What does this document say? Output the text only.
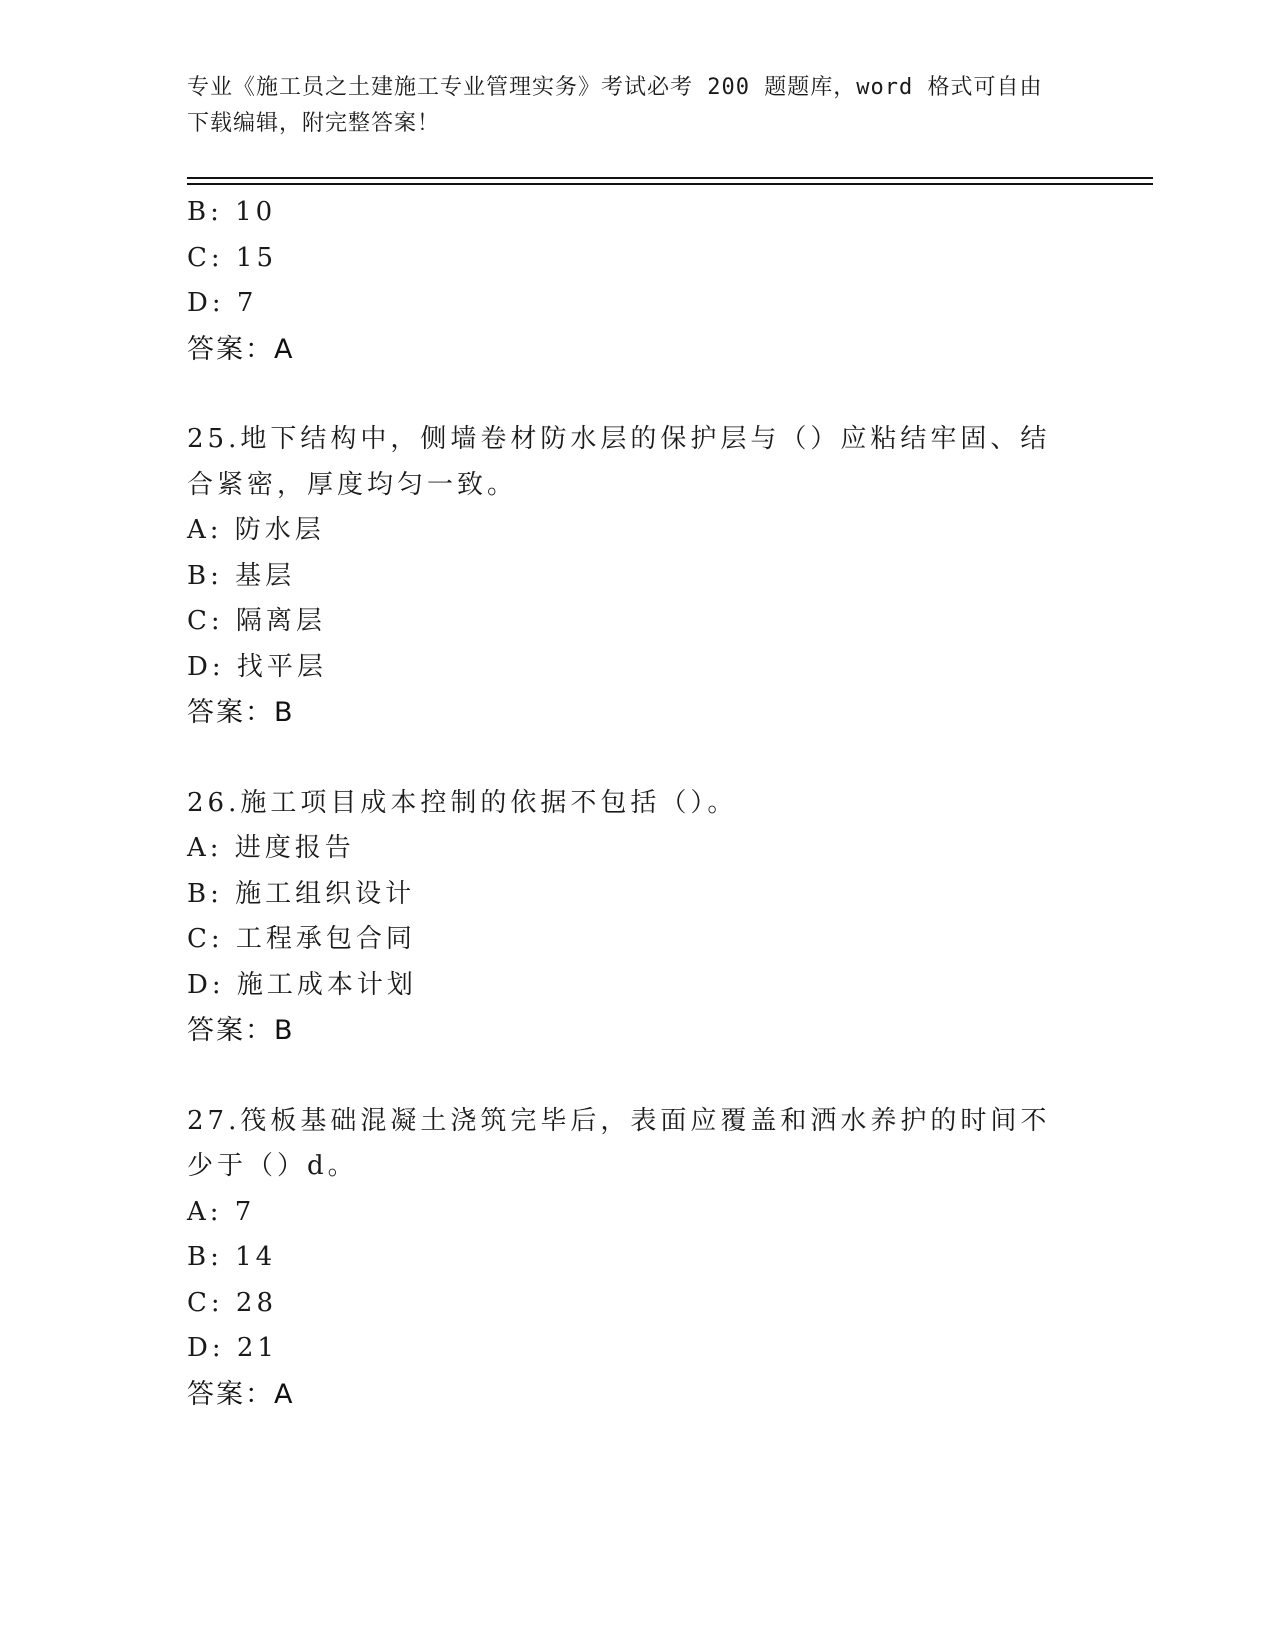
专业《施工员之土建施工专业管理实务》考试必考 200 题题库，word 格式可自由
下载编辑，附完整答案！
B: 10
C: 15
D: 7
答案：A
25.地下结构中，侧墙卷材防水层的保护层与（）应粘结牢固、结合紧密，厚度均匀一致。
A: 防水层
B: 基层
C: 隔离层
D: 找平层
答案：B
26.施工项目成本控制的依据不包括（）。
A: 进度报告
B: 施工组织设计
C: 工程承包合同
D: 施工成本计划
答案：B
27.筏板基础混凝土浇筑完毕后，表面应覆盖和洒水养护的时间不少于（）d。
A: 7
B: 14
C: 28
D: 21
答案：A
